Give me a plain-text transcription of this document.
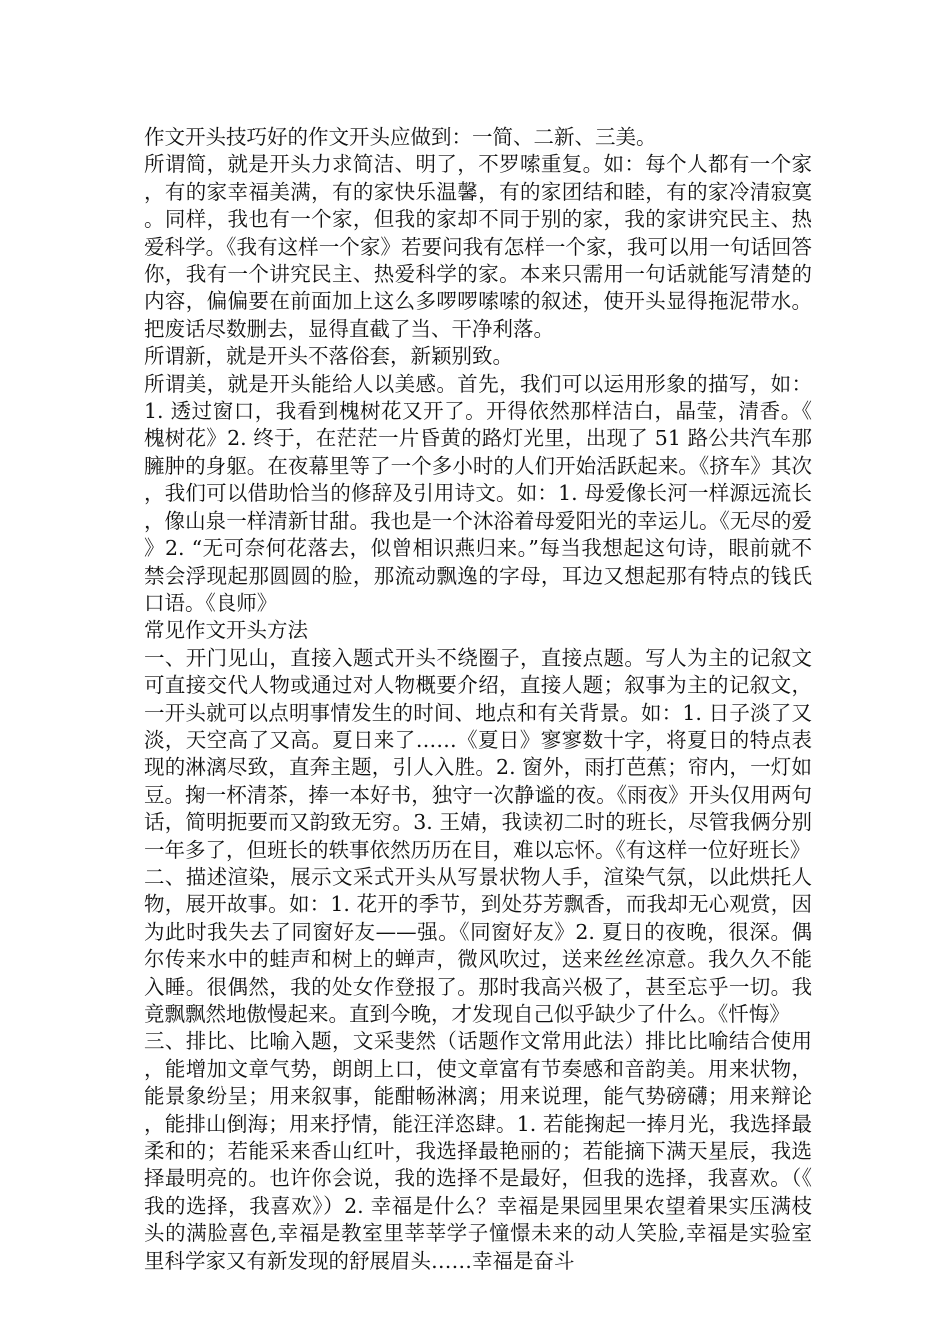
作文开头技巧好的作文开头应做到：一简、二新、三美。

所谓简，就是开头力求简洁、明了，不罗嗦重复。如：每个人都有一个家，有的家幸福美满，有的家快乐温馨，有的家团结和睦，有的家冷清寂寞。同样，我也有一个家，但我的家却不同于别的家，我的家讲究民主、热爱科学。《我有这样一个家》若要问我有怎样一个家，我可以用一句话回答你，我有一个讲究民主、热爱科学的家。本来只需用一句话就能写清楚的内容，偏偏要在前面加上这么多啰啰嗦嗦的叙述，使开头显得拖泥带水。把废话尽数删去，显得直截了当、干净利落。

所谓新，就是开头不落俗套，新颖别致。

所谓美，就是开头能给人以美感。首先，我们可以运用形象的描写，如：1. 透过窗口，我看到槐树花又开了。开得依然那样洁白，晶莹，清香。《槐树花》2. 终于，在茫茫一片昏黄的路灯光里，出现了 51 路公共汽车那臃肿的身躯。在夜幕里等了一个多小时的人们开始活跃起来。《挤车》其次，我们可以借助恰当的修辞及引用诗文。如：1. 母爱像长河一样源远流长，像山泉一样清新甘甜。我也是一个沐浴着母爱阳光的幸运儿。《无尽的爱》2. “无可奈何花落去，似曾相识燕归来。”每当我想起这句诗，眼前就不禁会浮现起那圆圆的脸，那流动飘逸的字母，耳边又想起那有特点的钱氏口语。《良师》

常见作文开头方法

一、开门见山，直接入题式开头不绕圈子，直接点题。写人为主的记叙文可直接交代人物或通过对人物概要介绍，直接人题；叙事为主的记叙文，一开头就可以点明事情发生的时间、地点和有关背景。如：1. 日子淡了又淡，天空高了又高。夏日来了……《夏日》寥寥数十字，将夏日的特点表现的淋漓尽致，直奔主题，引人入胜。2. 窗外，雨打芭蕉；帘内，一灯如豆。掬一杯清茶，捧一本好书，独守一次静谧的夜。《雨夜》开头仅用两句话，简明扼要而又韵致无穷。3. 王婧，我读初二时的班长，尽管我俩分别一年多了，但班长的轶事依然历历在目，难以忘怀。《有这样一位好班长》

二、描述渲染，展示文采式开头从写景状物人手，渲染气氛，以此烘托人物，展开故事。如：1. 花开的季节，到处芬芳飘香，而我却无心观赏，因为此时我失去了同窗好友——强。《同窗好友》2. 夏日的夜晚，很深。偶尔传来水中的蛙声和树上的蝉声，微风吹过，送来丝丝凉意。我久久不能入睡。很偶然，我的处女作登报了。那时我高兴极了，甚至忘乎一切。我竟飘飘然地傲慢起来。直到今晚，才发现自己似乎缺少了什么。《忏悔》

三、排比、比喻入题，文采斐然（话题作文常用此法）排比比喻结合使用，能增加文章气势，朗朗上口，使文章富有节奏感和音韵美。用来状物，能景象纷呈；用来叙事，能酣畅淋漓；用来说理，能气势磅礴；用来辩论，能排山倒海；用来抒情，能汪洋恣肆。1. 若能掬起一捧月光，我选择最柔和的；若能采来香山红叶，我选择最艳丽的；若能摘下满天星辰，我选择最明亮的。也许你会说，我的选择不是最好，但我的选择，我喜欢。（《我的选择，我喜欢》）2. 幸福是什么？幸福是果园里果农望着果实压满枝头的满脸喜色,幸福是教室里莘莘学子憧憬未来的动人笑脸,幸福是实验室里科学家又有新发现的舒展眉头……幸福是奋斗
